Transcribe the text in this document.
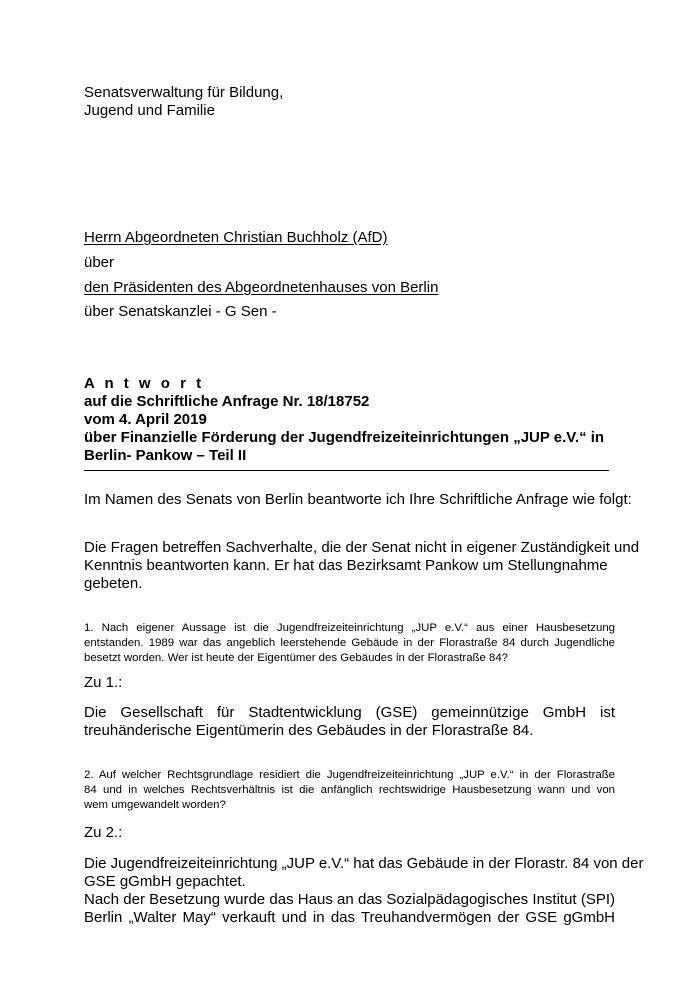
Senatsverwaltung für Bildung,
Jugend und Familie
Herrn Abgeordneten Christian Buchholz (AfD)
über
den Präsidenten des Abgeordnetenhauses von Berlin
über Senatskanzlei - G Sen -
A n t w o r t
auf die Schriftliche Anfrage Nr. 18/18752
vom 4. April 2019
über Finanzielle Förderung der Jugendfreizeiteinrichtungen „JUP e.V.“ in
Berlin- Pankow – Teil II
Im Namen des Senats von Berlin beantworte ich Ihre Schriftliche Anfrage wie folgt:
Die Fragen betreffen Sachverhalte, die der Senat nicht in eigener Zuständigkeit und
Kenntnis beantworten kann. Er hat das Bezirksamt Pankow um Stellungnahme
gebeten.
1. Nach eigener Aussage ist die Jugendfreizeiteinrichtung „JUP e.V.“ aus einer Hausbesetzung
entstanden. 1989 war das angeblich leerstehende Gebäude in der Florastraße 84 durch Jugendliche
besetzt worden. Wer ist heute der Eigentümer des Gebäudes in der Florastraße 84?
Zu 1.:
Die Gesellschaft für Stadtentwicklung (GSE) gemeinnützige GmbH ist
treuhänderische Eigentümerin des Gebäudes in der Florastraße 84.
2. Auf welcher Rechtsgrundlage residiert die Jugendfreizeiteinrichtung „JUP e.V.“ in der Florastraße
84 und in welches Rechtsverhältnis ist die anfänglich rechtswidrige Hausbesetzung wann und von
wem umgewandelt worden?
Zu 2.:
Die Jugendfreizeiteinrichtung „JUP e.V.“ hat das Gebäude in der Florastr. 84 von der
GSE gGmbH gepachtet.
Nach der Besetzung wurde das Haus an das Sozialpädagogisches Institut (SPI)
Berlin „Walter May“ verkauft und in das Treuhandvermögen der GSE gGmbH
